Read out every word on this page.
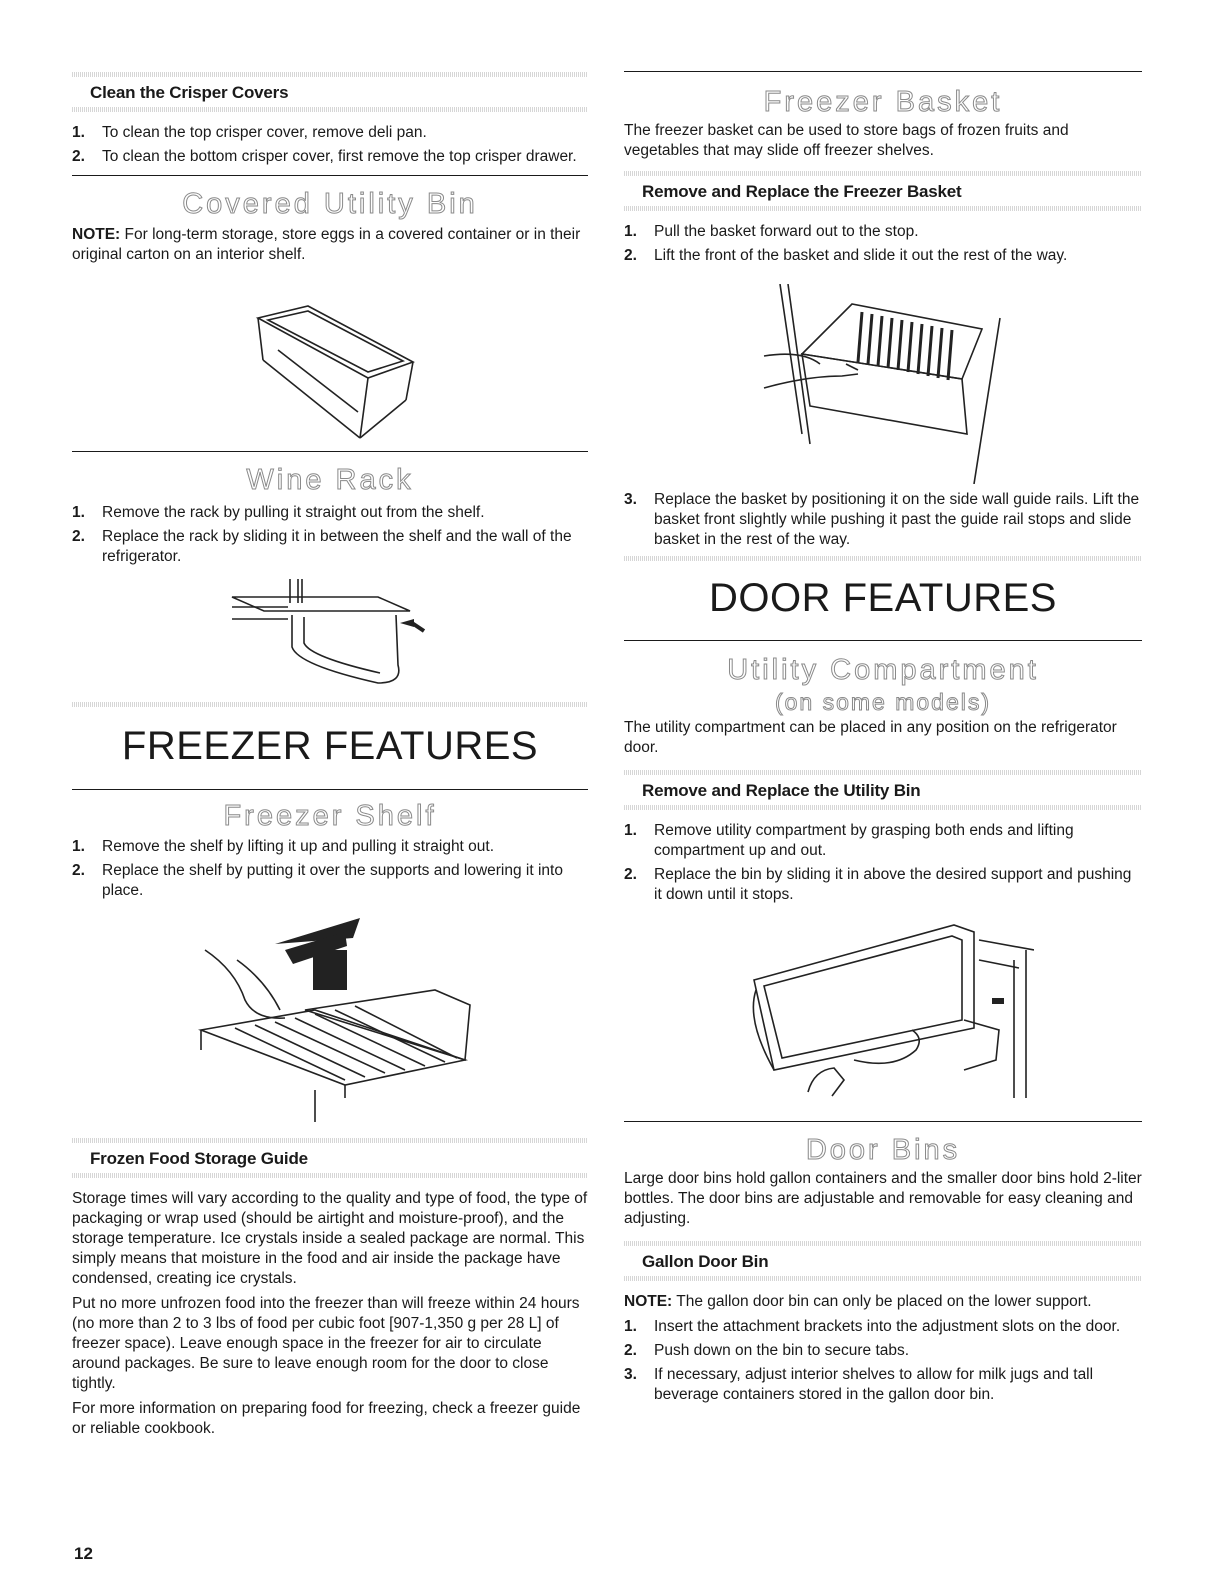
Clean the Crisper Covers
1. To clean the top crisper cover, remove deli pan.
2. To clean the bottom crisper cover, first remove the top crisper drawer.
Covered Utility Bin

NOTE: For long-term storage, store eggs in a covered container or in their original carton on an interior shelf.

Wine Rack
1. Remove the rack by pulling it straight out from the shelf.
2. Replace the rack by sliding it in between the shelf and the wall of the refrigerator.
FREEZER FEATURES
Freezer Shelf
1. Remove the shelf by lifting it up and pulling it straight out.
2. Replace the shelf by putting it over the supports and lowering it into place.
Frozen Food Storage Guide

Storage times will vary according to the quality and type of food, the type of packaging or wrap used (should be airtight and moisture-proof), and the storage temperature. Ice crystals inside a sealed package are normal. This simply means that moisture in the food and air inside the package have condensed, creating ice crystals.

Put no more unfrozen food into the freezer than will freeze within 24 hours (no more than 2 to 3 lbs of food per cubic foot [907-1,350 g per 28 L] of freezer space). Leave enough space in the freezer for air to circulate around packages. Be sure to leave enough room for the door to close tightly.

For more information on preparing food for freezing, check a freezer guide or reliable cookbook.

Freezer Basket

The freezer basket can be used to store bags of frozen fruits and vegetables that may slide off freezer shelves.

Remove and Replace the Freezer Basket
1. Pull the basket forward out to the stop.
2. Lift the front of the basket and slide it out the rest of the way.
3. Replace the basket by positioning it on the side wall guide rails. Lift the basket front slightly while pushing it past the guide rail stops and slide basket in the rest of the way.
DOOR FEATURES
Utility Compartment
(on some models)

The utility compartment can be placed in any position on the refrigerator door.

Remove and Replace the Utility Bin
1. Remove utility compartment by grasping both ends and lifting compartment up and out.
2. Replace the bin by sliding it in above the desired support and pushing it down until it stops.
Door Bins

Large door bins hold gallon containers and the smaller door bins hold 2-liter bottles. The door bins are adjustable and removable for easy cleaning and adjusting.

Gallon Door Bin

NOTE: The gallon door bin can only be placed on the lower support.

1. Insert the attachment brackets into the adjustment slots on the door.
2. Push down on the bin to secure tabs.
3. If necessary, adjust interior shelves to allow for milk jugs and tall beverage containers stored in the gallon door bin.
12
